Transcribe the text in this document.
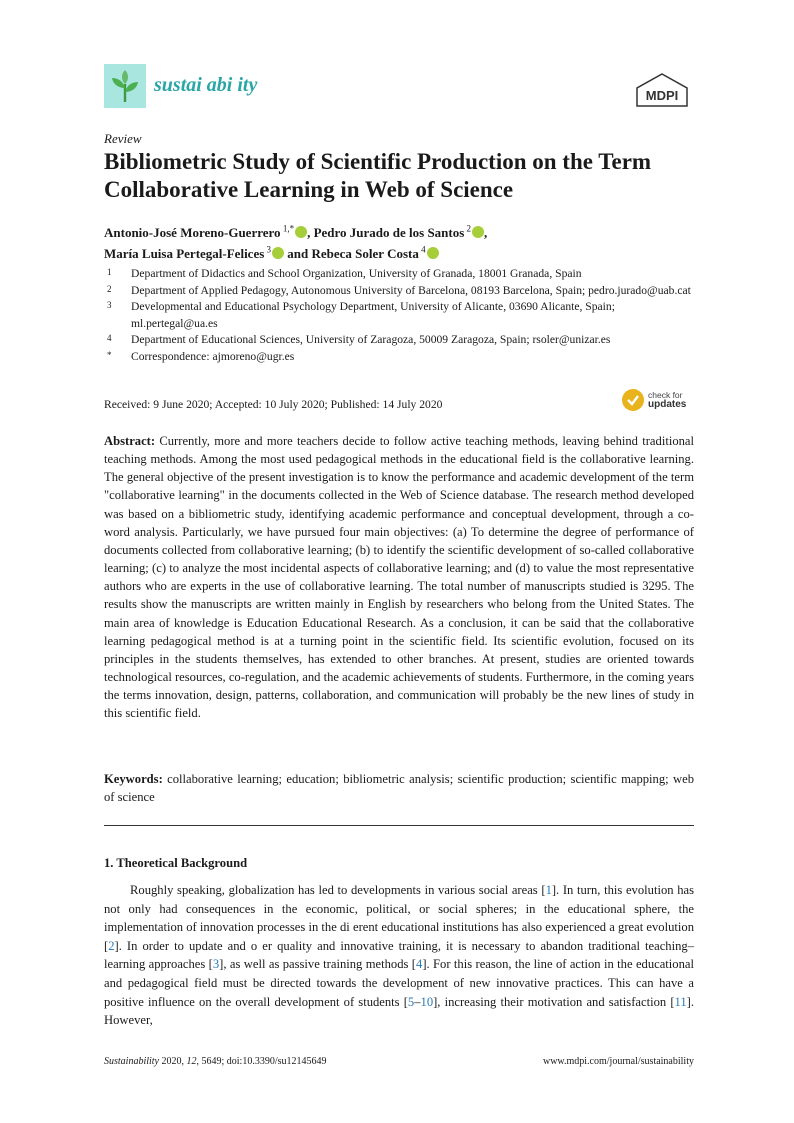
sustai abi ity	MDPI
Review
Bibliometric Study of Scientific Production on the Term Collaborative Learning in Web of Science
Antonio-José Moreno-Guerrero $^{1,*}$ , Pedro Jurado de los Santos $^2$ ,
María Luisa Pertegal-Felices $^3$ and Rebeca Soler Costa $^4$
1	Department of Didactics and School Organization, University of Granada, 18001 Granada, Spain
2	Department of Applied Pedagogy, Autonomous University of Barcelona, 08193 Barcelona, Spain; pedro.jurado@uab.cat
3	Developmental and Educational Psychology Department, University of Alicante, 03690 Alicante, Spain; ml.pertegal@ua.es
4	Department of Educational Sciences, University of Zaragoza, 50009 Zaragoza, Spain; rsoler@unizar.es
*	Correspondence: ajmoreno@ugr.es
Received: 9 June 2020; Accepted: 10 July 2020; Published: 14 July 2020
check for
updates

Abstract: Currently, more and more teachers decide to follow active teaching methods, leaving behind traditional teaching methods. Among the most used pedagogical methods in the educational field is the collaborative learning. The general objective of the present investigation is to know the performance and academic development of the term "collaborative learning" in the documents collected in the Web of Science database. The research method developed was based on a bibliometric study, identifying academic performance and conceptual development, through a co-word analysis. Particularly, we have pursued four main objectives: (a) To determine the degree of performance of documents collected from collaborative learning; (b) to identify the scientific development of so-called collaborative learning; (c) to analyze the most incidental aspects of collaborative learning; and (d) to value the most representative authors who are experts in the use of collaborative learning. The total number of manuscripts studied is 3295. The results show the manuscripts are written mainly in English by researchers who belong from the United States. The main area of knowledge is Education Educational Research. As a conclusion, it can be said that the collaborative learning pedagogical method is at a turning point in the scientific field. Its scientific evolution, focused on its principles in the students themselves, has extended to other branches. At present, studies are oriented towards technological resources, co-regulation, and the academic achievements of students. Furthermore, in the coming years the terms innovation, design, patterns, collaboration, and communication will probably be the new lines of study in this scientific field.

Keywords: collaborative learning; education; bibliometric analysis; scientific production; scientific mapping; web of science

1. Theoretical Background

Roughly speaking, globalization has led to developments in various social areas [1]. In turn, this evolution has not only had consequences in the economic, political, or social spheres; in the educational sphere, the implementation of innovation processes in the di erent educational institutions has also experienced a great evolution [2]. In order to update and o er quality and innovative training, it is necessary to abandon traditional teaching–learning approaches [3], as well as passive training methods [4]. For this reason, the line of action in the educational and pedagogical field must be directed towards the development of new innovative practices. This can have a positive influence on the overall development of students [5–10], increasing their motivation and satisfaction [11]. However,

Sustainability 2020, 12, 5649; doi:10.3390/su12145649	www.mdpi.com/journal/sustainability
